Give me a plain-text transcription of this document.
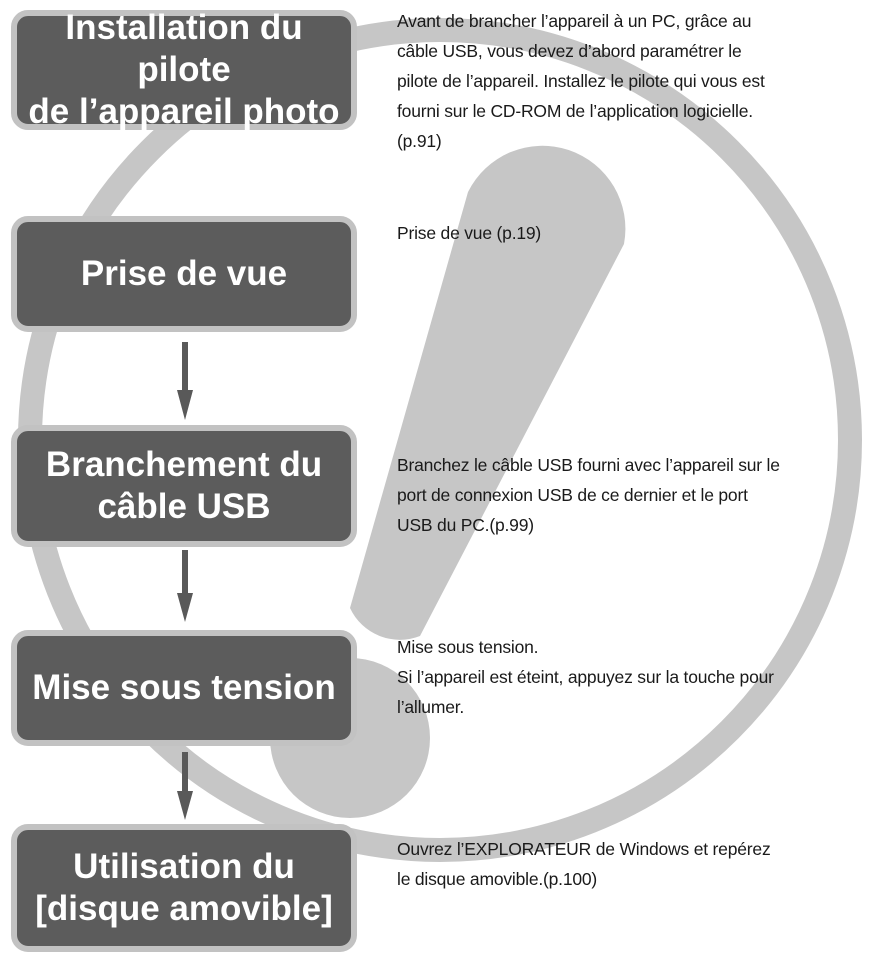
Installation du pilote
de l’appareil photo
Prise de vue
Branchement du
câble USB
Mise sous tension
Utilisation du
[disque amovible]
Avant de brancher l’appareil à un PC, grâce au
câble USB, vous devez d’abord paramétrer le
pilote de l’appareil. Installez le pilote qui vous est
fourni sur le CD-ROM de l’application logicielle.
(p.91)
Prise de vue (p.19)
Branchez le câble USB fourni avec l’appareil sur le
port de connexion USB de ce dernier et le port
USB du PC.(p.99)
Mise sous tension.
Si l’appareil est éteint, appuyez sur la touche pour
l’allumer.
Ouvrez l’EXPLORATEUR de Windows et repérez
le disque amovible.(p.100)
